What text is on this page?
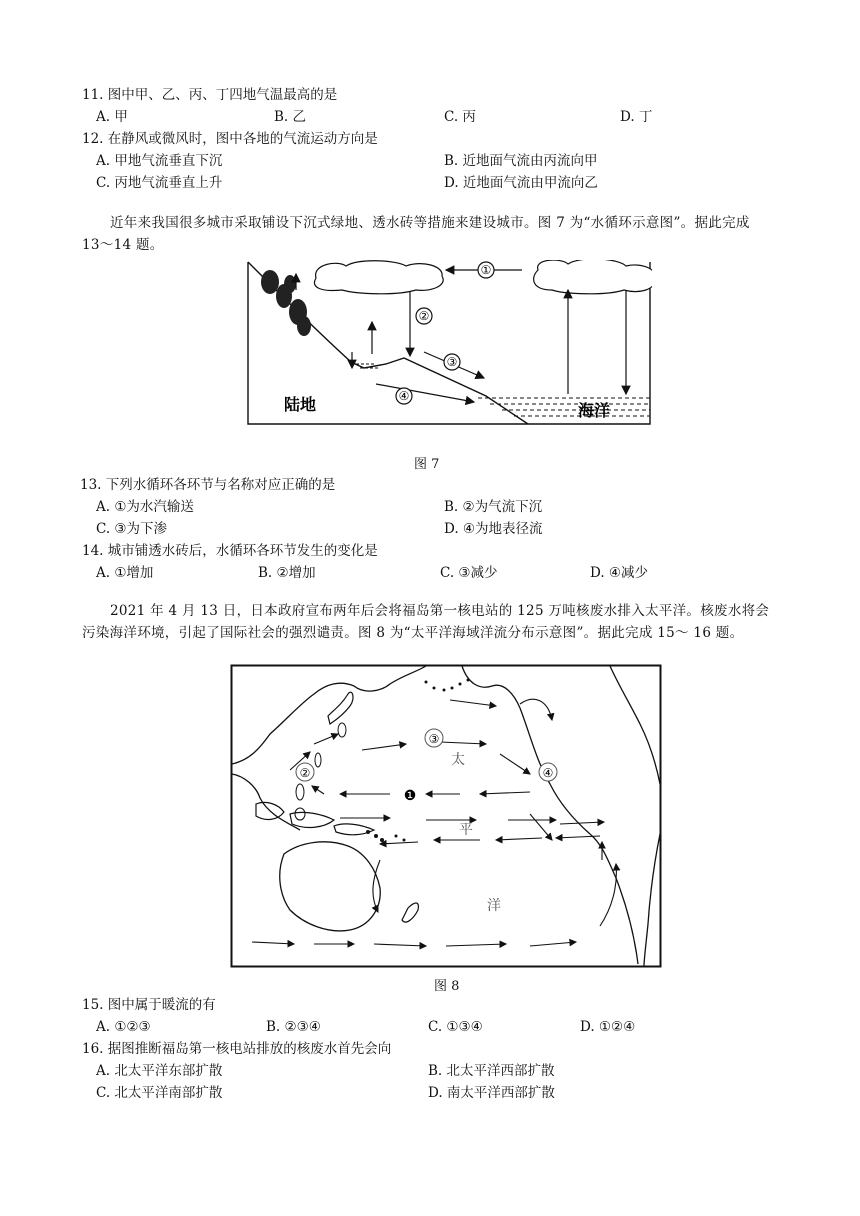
11. 图中甲、乙、丙、丁四地气温最高的是
A. 甲	B. 乙	C. 丙	D. 丁
12. 在静风或微风时，图中各地的气流运动方向是
A. 甲地气流垂直下沉	B. 近地面气流由丙流向甲
C. 丙地气流垂直上升	D. 近地面气流由甲流向乙
近年来我国很多城市采取铺设下沉式绿地、透水砖等措施来建设城市。图 7 为“水循环示意图”。据此完成 13～14 题。
①
②
③
④
陆地	海洋
图 7
13. 下列水循环各环节与名称对应正确的是
A. ①为水汽输送	B. ②为气流下沉
C. ③为下渗	D. ④为地表径流
14. 城市铺透水砖后，水循环各环节发生的变化是
A. ①增加	B. ②增加	C. ③减少	D. ④减少
2021 年 4 月 13 日，日本政府宣布两年后会将福岛第一核电站的 125 万吨核废水排入太平洋。核废水将会污染海洋环境，引起了国际社会的强烈谴责。图 8 为“太平洋海域洋流分布示意图”。据此完成 15～ 16 题。
②
③
④
❶
太
平
洋
图 8
15. 图中属于暖流的有
A. ①②③	B. ②③④	C. ①③④	D. ①②④
16. 据图推断福岛第一核电站排放的核废水首先会向
A. 北太平洋东部扩散	B. 北太平洋西部扩散
C. 北太平洋南部扩散	D. 南太平洋西部扩散
